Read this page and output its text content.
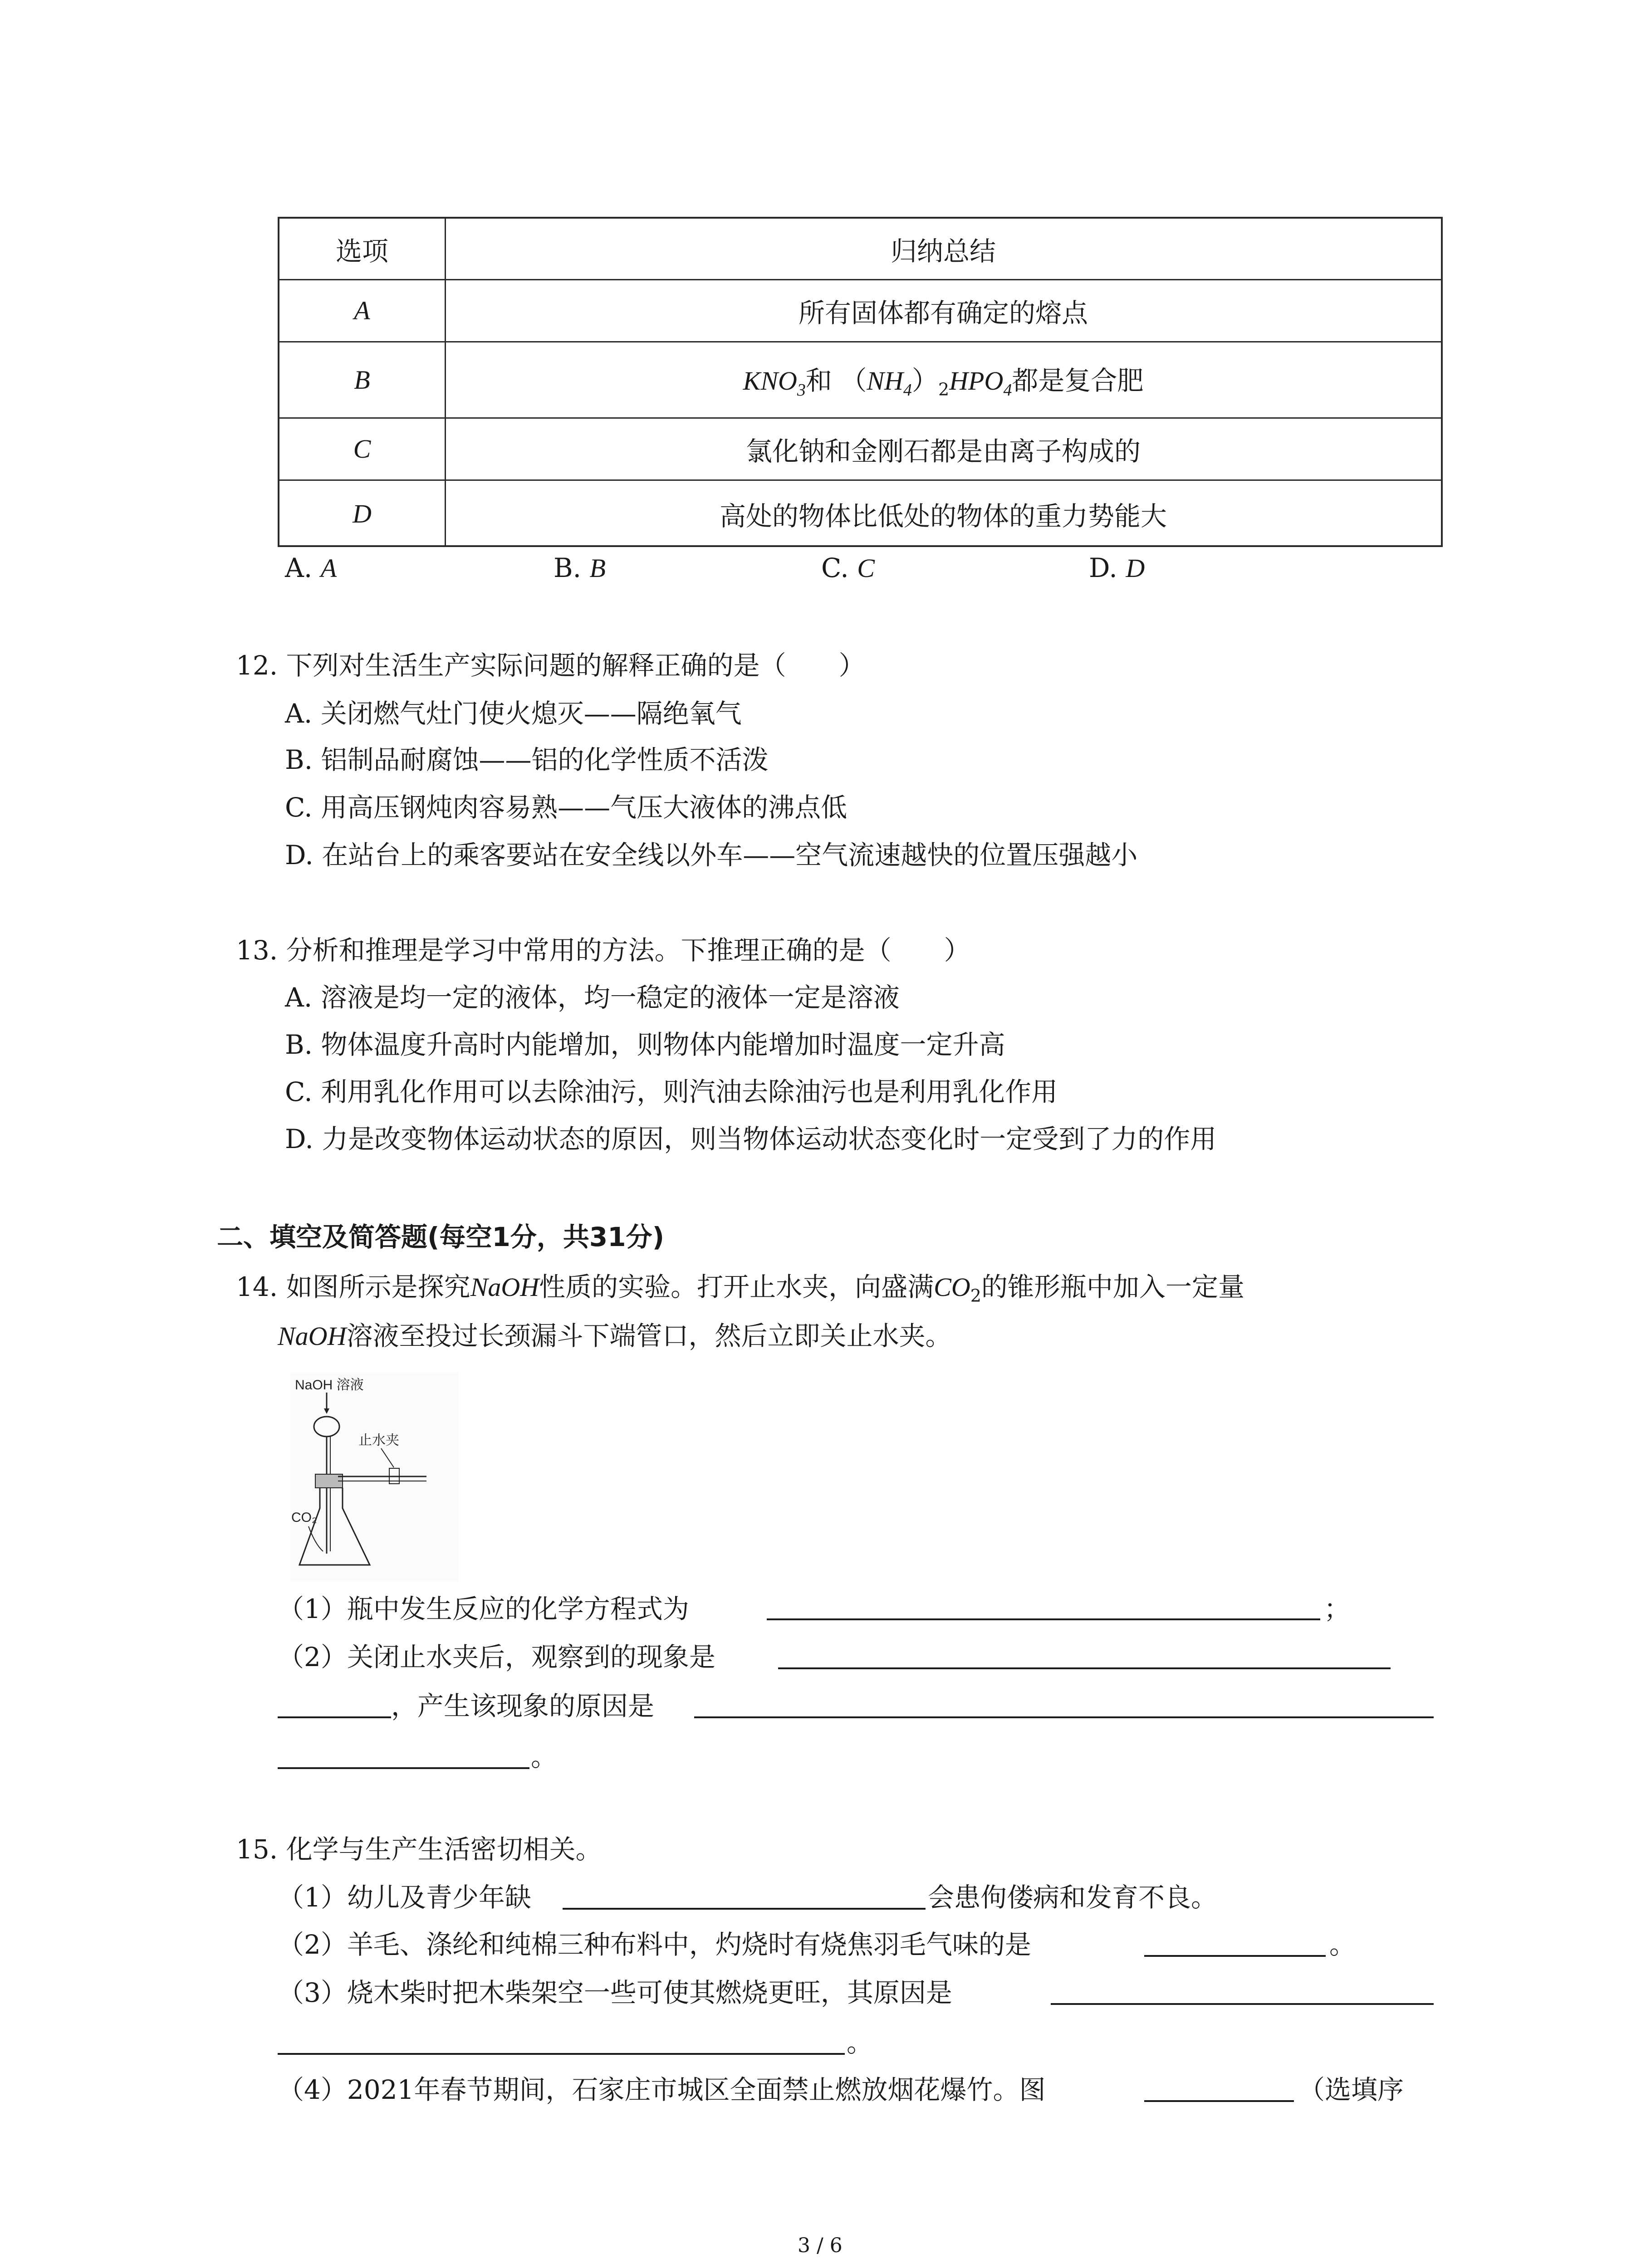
选项	归纳总结
A	所有固体都有确定的熔点
B	$KNO_3$和 $(NH_4)_2HPO_4$都是复合肥
C	氯化钠和金刚石都是由离子构成的
D	高处的物体比低处的物体的重力势能大
A. A	B. B	C. C	D. D
12. 下列对生活生产实际问题的解释正确的是（　　）
A. 关闭燃气灶门使火熄灭——隔绝氧气
B. 铝制品耐腐蚀——铝的化学性质不活泼
C. 用高压钢炖肉容易熟——气压大液体的沸点低
D. 在站台上的乘客要站在安全线以外车——空气流速越快的位置压强越小
13. 分析和推理是学习中常用的方法。下推理正确的是（　　）
A. 溶液是均一定的液体，均一稳定的液体一定是溶液
B. 物体温度升高时内能增加，则物体内能增加时温度一定升高
C. 利用乳化作用可以去除油污，则汽油去除油污也是利用乳化作用
D. 力是改变物体运动状态的原因，则当物体运动状态变化时一定受到了力的作用
二、填空及简答题(每空1分，共31分)
14. 如图所示是探究NaOH性质的实验。打开止水夹，向盛满$CO_2$的锥形瓶中加入一定量
NaOH溶液至投过长颈漏斗下端管口，然后立即关止水夹。
NaOH 溶液
止水夹
CO₂
（1）瓶中发生反应的化学方程式为	；
（2）关闭止水夹后，观察到的现象是
，产生该现象的原因是
。
15. 化学与生产生活密切相关。
（1）幼儿及青少年缺	会患佝偻病和发育不良。
（2）羊毛、涤纶和纯棉三种布料中，灼烧时有烧焦羽毛气味的是	。
（3）烧木柴时把木柴架空一些可使其燃烧更旺，其原因是
。
（4）2021年春节期间，石家庄市城区全面禁止燃放烟花爆竹。图	（选填序
3 / 6
